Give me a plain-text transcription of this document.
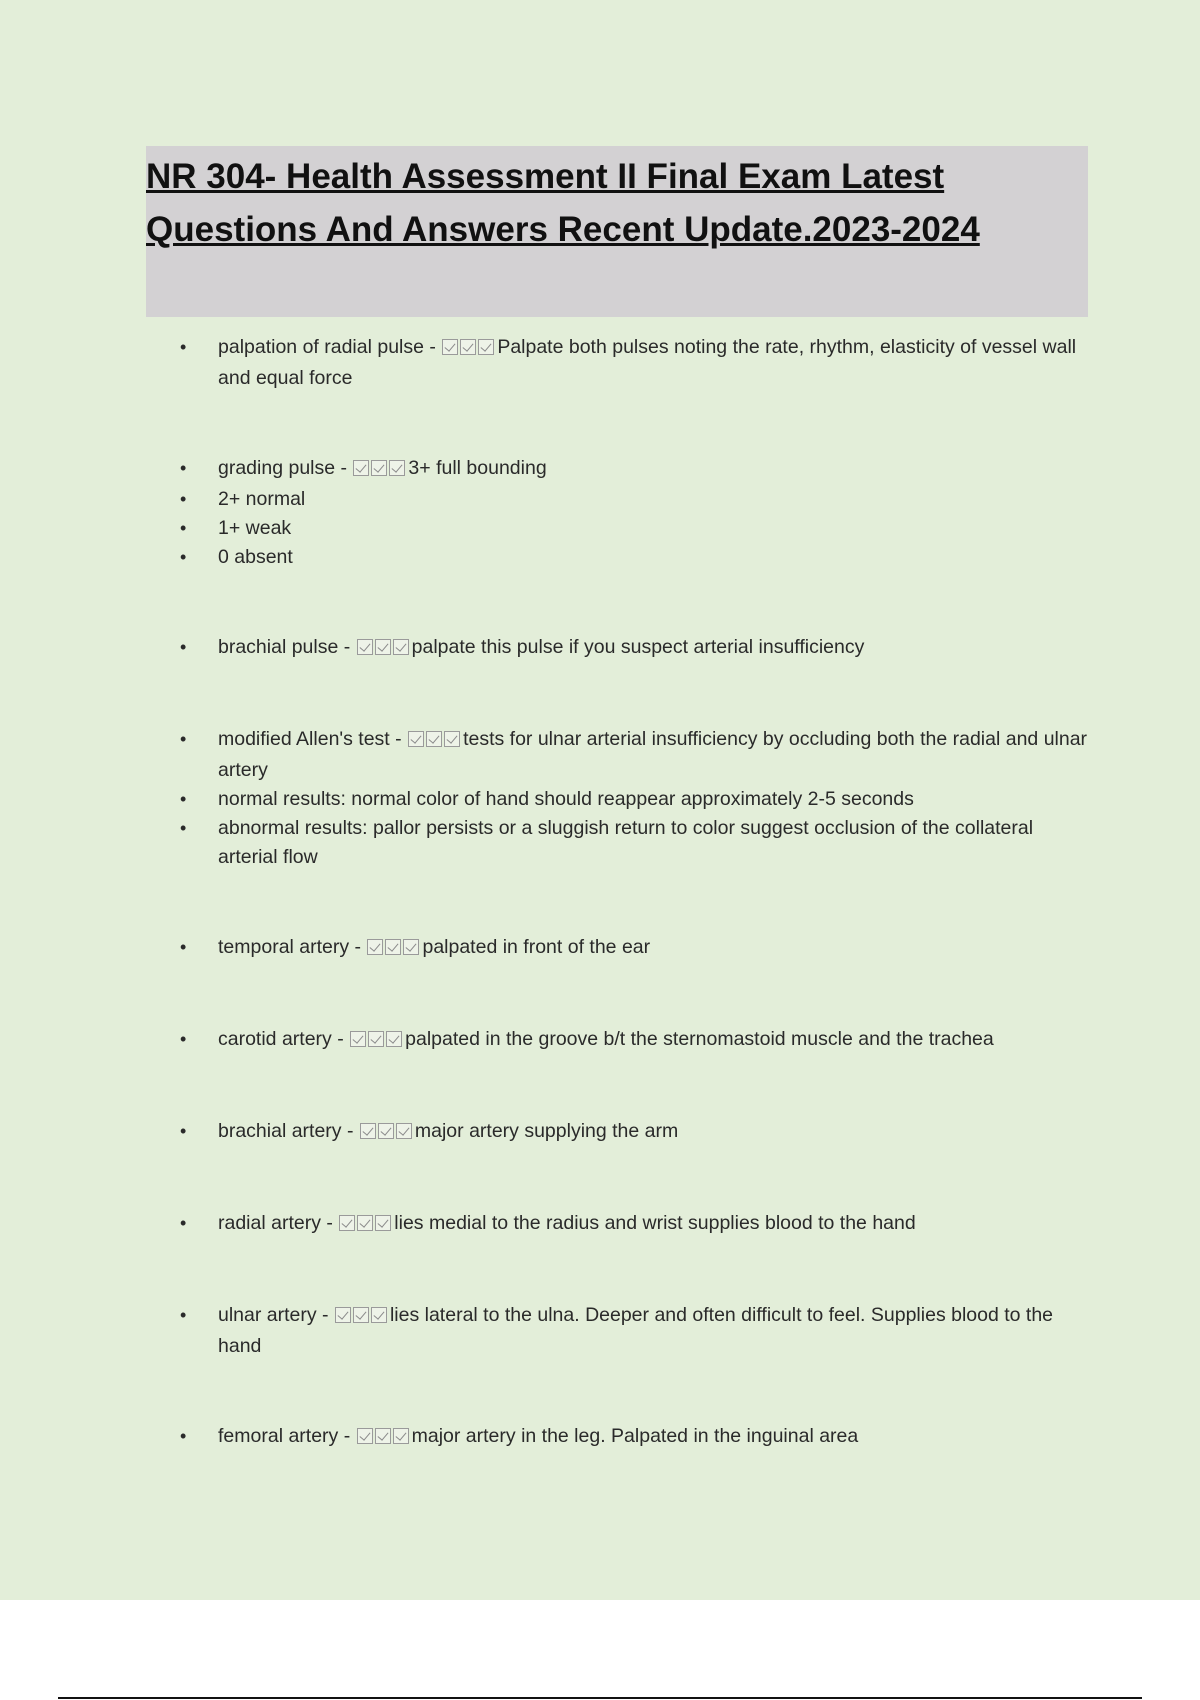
NR 304- Health Assessment II Final Exam Latest Questions And Answers Recent Update.2023-2024
• palpation of radial pulse -	Palpate both pulses noting the rate, rhythm, elasticity of vessel wall and equal force
• grading pulse -	3+ full bounding
• 2+ normal
• 1+ weak
• 0 absent
• brachial pulse -	palpate this pulse if you suspect arterial insufficiency
• modified Allen's test -	tests for ulnar arterial insufficiency by occluding both the radial and ulnar artery
• normal results: normal color of hand should reappear approximately 2-5 seconds
• abnormal results: pallor persists or a sluggish return to color suggest occlusion of the collateral arterial flow
• temporal artery -	palpated in front of the ear
• carotid artery -	palpated in the groove b/t the sternomastoid muscle and the trachea
• brachial artery -	major artery supplying the arm
• radial artery -	lies medial to the radius and wrist supplies blood to the hand
• ulnar artery -	lies lateral to the ulna. Deeper and often difficult to feel. Supplies blood to the hand
• femoral artery -	major artery in the leg. Palpated in the inguinal area
